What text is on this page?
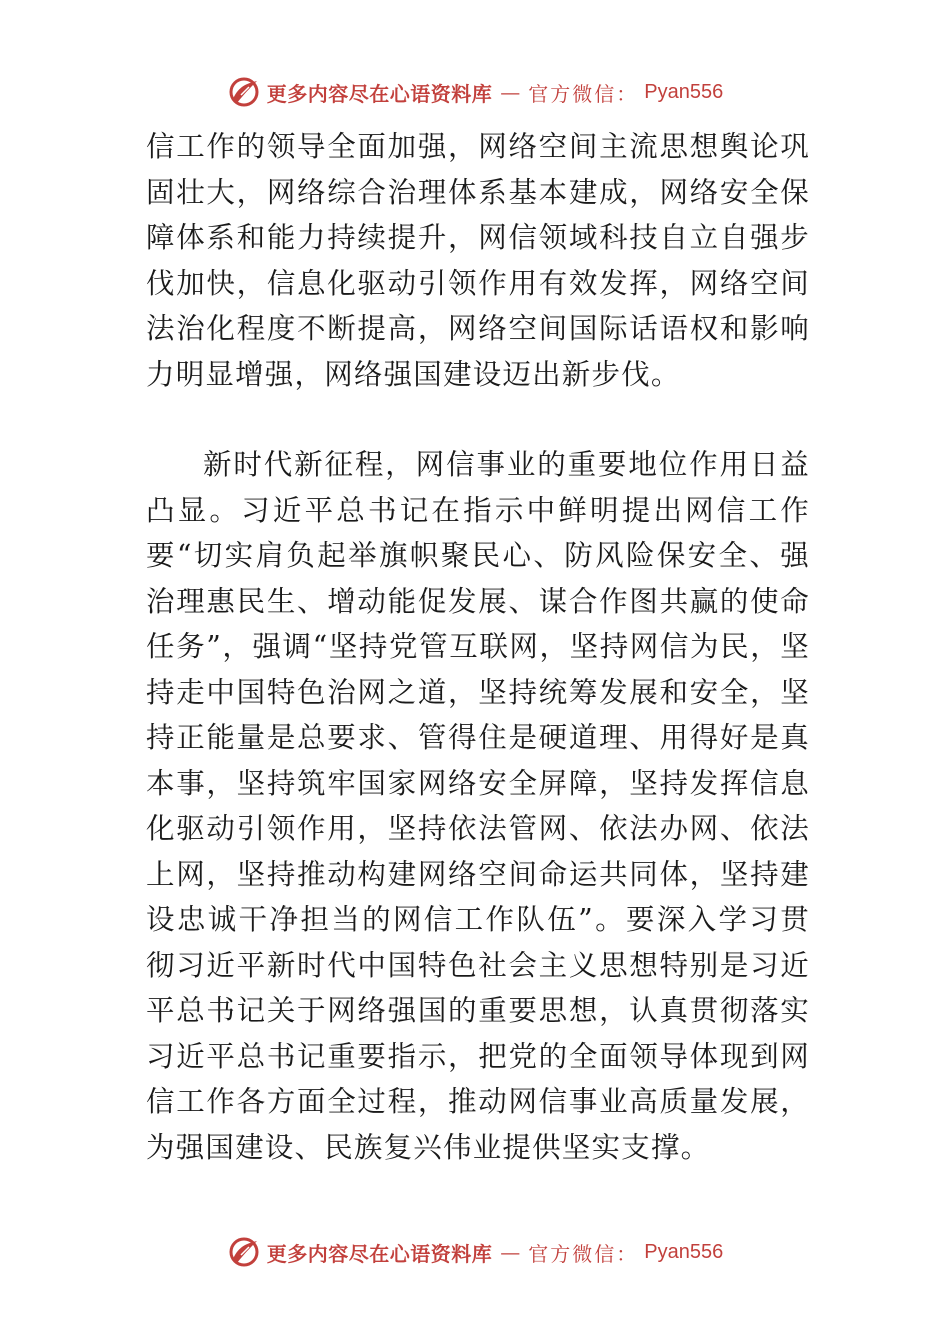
更多内容尽在心语资料库 — 官方微信： Pyan556

信工作的领导全面加强，网络空间主流思想舆论巩固壮大，网络综合治理体系基本建成，网络安全保障体系和能力持续提升，网信领域科技自立自强步伐加快，信息化驱动引领作用有效发挥，网络空间法治化程度不断提高，网络空间国际话语权和影响力明显增强，网络强国建设迈出新步伐。

新时代新征程，网信事业的重要地位作用日益凸显。习近平总书记在指示中鲜明提出网信工作要“切实肩负起举旗帜聚民心、防风险保安全、强治理惠民生、增动能促发展、谋合作图共赢的使命任务”，强调“坚持党管互联网，坚持网信为民，坚持走中国特色治网之道，坚持统筹发展和安全，坚持正能量是总要求、管得住是硬道理、用得好是真本事，坚持筑牢国家网络安全屏障，坚持发挥信息化驱动引领作用，坚持依法管网、依法办网、依法上网，坚持推动构建网络空间命运共同体，坚持建设忠诚干净担当的网信工作队伍”。要深入学习贯彻习近平新时代中国特色社会主义思想特别是习近平总书记关于网络强国的重要思想，认真贯彻落实习近平总书记重要指示，把党的全面领导体现到网信工作各方面全过程，推动网信事业高质量发展，为强国建设、民族复兴伟业提供坚实支撑。

更多内容尽在心语资料库 — 官方微信： Pyan556
